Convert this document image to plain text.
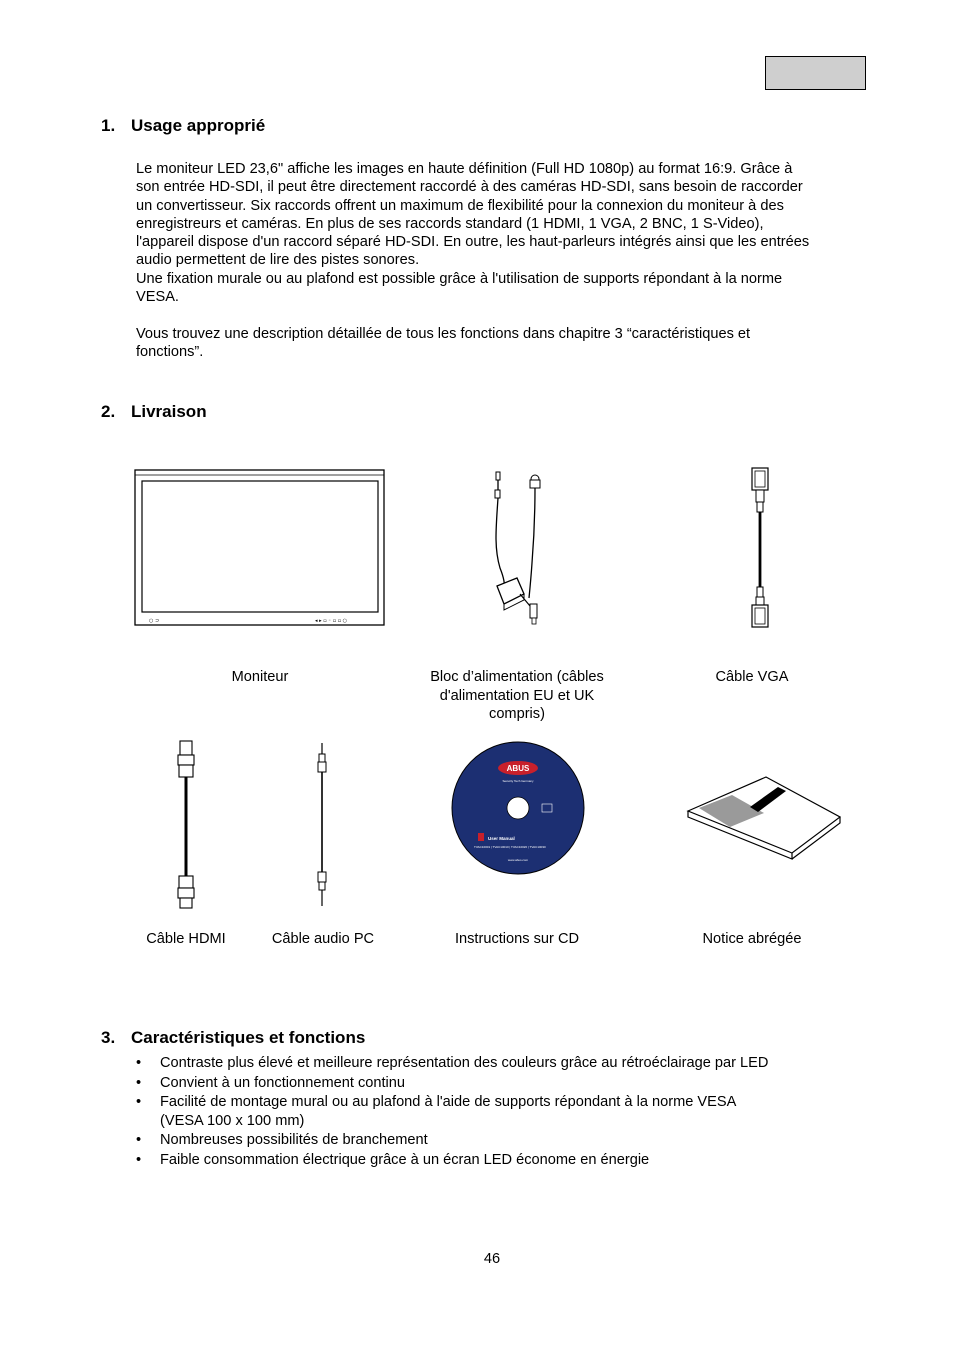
1. Usage approprié

Le moniteur LED 23,6" affiche les images en haute définition (Full HD 1080p) au format 16:9. Grâce à
son entrée HD-SDI, il peut être directement raccordé à des caméras HD-SDI, sans besoin de raccorder
un convertisseur. Six raccords offrent un maximum de flexibilité pour la connexion du moniteur à des
enregistreurs et caméras. En plus de ses raccords standard (1 HDMI, 1 VGA, 2 BNC, 1 S-Video),
l'appareil dispose d'un raccord séparé HD-SDI. En outre, les haut-parleurs intégrés ainsi que les entrées
audio permettent de lire des pistes sonores.
Une fixation murale ou au plafond est possible grâce à l'utilisation de supports répondant à la norme
VESA.

Vous trouvez une description détaillée de tous les fonctions dans chapitre 3 “caractéristiques et
fonctions”.

2. Livraison
○ ⊃	◂ ▸ ▫ ◦ ▫ ▫ ○

Moniteur	Bloc d’alimentation (câbles
d'alimentation EU et UK
compris)

Câble VGA

ABUS
Security Tech Germany
User Manual
TVAC10001 | TVAC10010 | TVAC10020 | TVAC10030
www.abus.com

Câble HDMI	Câble audio PC	Instructions sur CD	Notice abrégée

3. Caractéristiques et fonctions
• Contraste plus élevé et meilleure représentation des couleurs grâce au rétroéclairage par LED
• Convient à un fonctionnement continu
• Facilité de montage mural ou au plafond à l'aide de supports répondant à la norme VESA
(VESA 100 x 100 mm)
• Nombreuses possibilités de branchement
• Faible consommation électrique grâce à un écran LED économe en énergie
46
